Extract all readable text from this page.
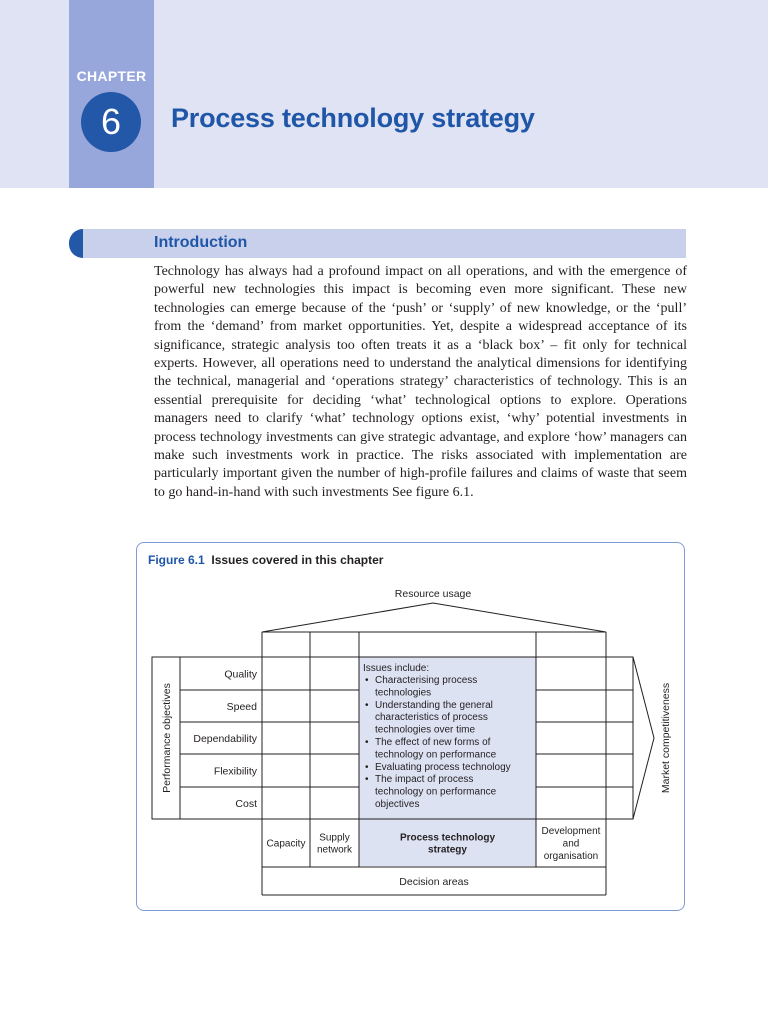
CHAPTER
6	Process technology strategy
Introduction

Technology has always had a profound impact on all operations, and with the emergence of powerful new technologies this impact is becoming even more significant. These new technologies can emerge because of the ‘push’ or ‘supply’ of new knowledge, or the ‘pull’ from the ‘demand’ from market opportunities. Yet, despite a widespread acceptance of its significance, strategic analysis too often treats it as a ‘black box’ – fit only for technical experts. However, all operations need to understand the analytical dimensions for identifying the technical, managerial and ‘operations strategy’ characteristics of technology. This is an essential prerequisite for deciding ‘what’ technological options to explore. Operations managers need to clarify ‘what’ technology options exist, ‘why’ potential investments in process technology investments can give strategic advantage, and explore ‘how’ managers can make such investments work in practice. The risks associated with implementation are particularly important given the number of high-profile failures and claims of waste that seem to go hand-in-hand with such investments See figure 6.1.

Figure 6.1 Issues covered in this chapter
Resource usage
Performance objectives	Market competitiveness
Quality
Speed
Dependability
Flexibility
Cost
Issues include:
• Characterising process
technologies
• Understanding the general
characteristics of process
technologies over time
• The effect of new forms of
technology on performance
• Evaluating process technology
• The impact of process
technology on performance
objectives
Capacity
Supply
network
Process technology
strategy
Development
and
organisation
Decision areas
